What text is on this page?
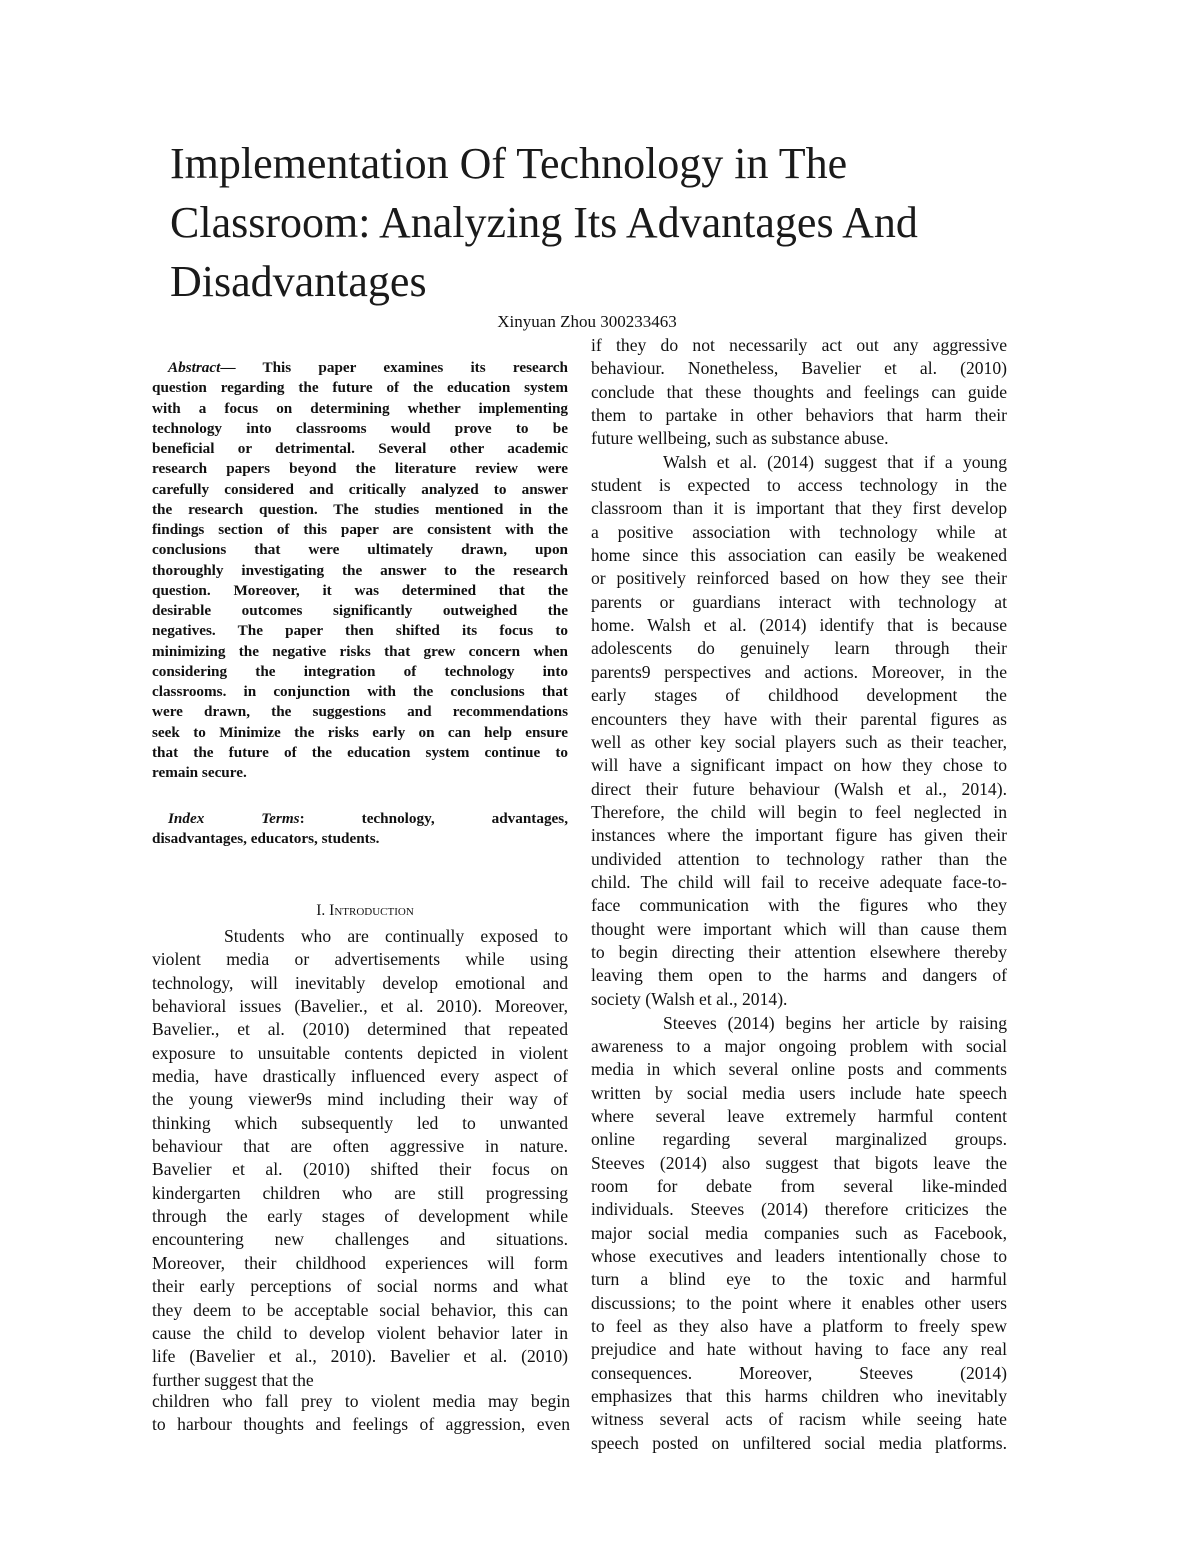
Implementation Of Technology in The
Classroom: Analyzing Its Advantages And
Disadvantages
Xinyuan Zhou 300233463
Abstract— This paper examines its research
question regarding the future of the education system
with a focus on determining whether implementing
technology into classrooms would prove to be
beneficial or detrimental. Several other academic
research papers beyond the literature review were
carefully considered and critically analyzed to answer
the research question. The studies mentioned in the
findings section of this paper are consistent with the
conclusions that were ultimately drawn, upon
thoroughly investigating the answer to the research
question. Moreover, it was determined that the
desirable outcomes significantly outweighed the
negatives. The paper then shifted its focus to
minimizing the negative risks that grew concern when
considering the integration of technology into
classrooms. in conjunction with the conclusions that
were drawn, the suggestions and recommendations
seek to Minimize the risks early on can help ensure
that the future of the education system continue to
remain secure.
Index Terms: technology, advantages,
disadvantages, educators, students.
I. Introduction
Students who are continually exposed to
violent media or advertisements while using
technology, will inevitably develop emotional and
behavioral issues (Bavelier., et al. 2010). Moreover,
Bavelier., et al. (2010) determined that repeated
exposure to unsuitable contents depicted in violent
media, have drastically influenced every aspect of
the young viewer9s mind including their way of
thinking which subsequently led to unwanted
behaviour that are often aggressive in nature.
Bavelier et al. (2010) shifted their focus on
kindergarten children who are still progressing
through the early stages of development while
encountering new challenges and situations.
Moreover, their childhood experiences will form
their early perceptions of social norms and what
they deem to be acceptable social behavior, this can
cause the child to develop violent behavior later in
life (Bavelier et al., 2010). Bavelier et al. (2010)
further suggest that the
children who fall prey to violent media may begin
to harbour thoughts and feelings of aggression, even
if they do not necessarily act out any aggressive
behaviour. Nonetheless, Bavelier et al. (2010)
conclude that these thoughts and feelings can guide
them to partake in other behaviors that harm their
future wellbeing, such as substance abuse.
Walsh et al. (2014) suggest that if a young
student is expected to access technology in the
classroom than it is important that they first develop
a positive association with technology while at
home since this association can easily be weakened
or positively reinforced based on how they see their
parents or guardians interact with technology at
home. Walsh et al. (2014) identify that is because
adolescents do genuinely learn through their
parents9 perspectives and actions. Moreover, in the
early stages of childhood development the
encounters they have with their parental figures as
well as other key social players such as their teacher,
will have a significant impact on how they chose to
direct their future behaviour (Walsh et al., 2014).
Therefore, the child will begin to feel neglected in
instances where the important figure has given their
undivided attention to technology rather than the
child. The child will fail to receive adequate face-to-
face communication with the figures who they
thought were important which will than cause them
to begin directing their attention elsewhere thereby
leaving them open to the harms and dangers of
society (Walsh et al., 2014).
Steeves (2014) begins her article by raising
awareness to a major ongoing problem with social
media in which several online posts and comments
written by social media users include hate speech
where several leave extremely harmful content
online regarding several marginalized groups.
Steeves (2014) also suggest that bigots leave the
room for debate from several like-minded
individuals. Steeves (2014) therefore criticizes the
major social media companies such as Facebook,
whose executives and leaders intentionally chose to
turn a blind eye to the toxic and harmful
discussions; to the point where it enables other users
to feel as they also have a platform to freely spew
prejudice and hate without having to face any real
consequences. Moreover, Steeves (2014)
emphasizes that this harms children who inevitably
witness several acts of racism while seeing hate
speech posted on unfiltered social media platforms.
